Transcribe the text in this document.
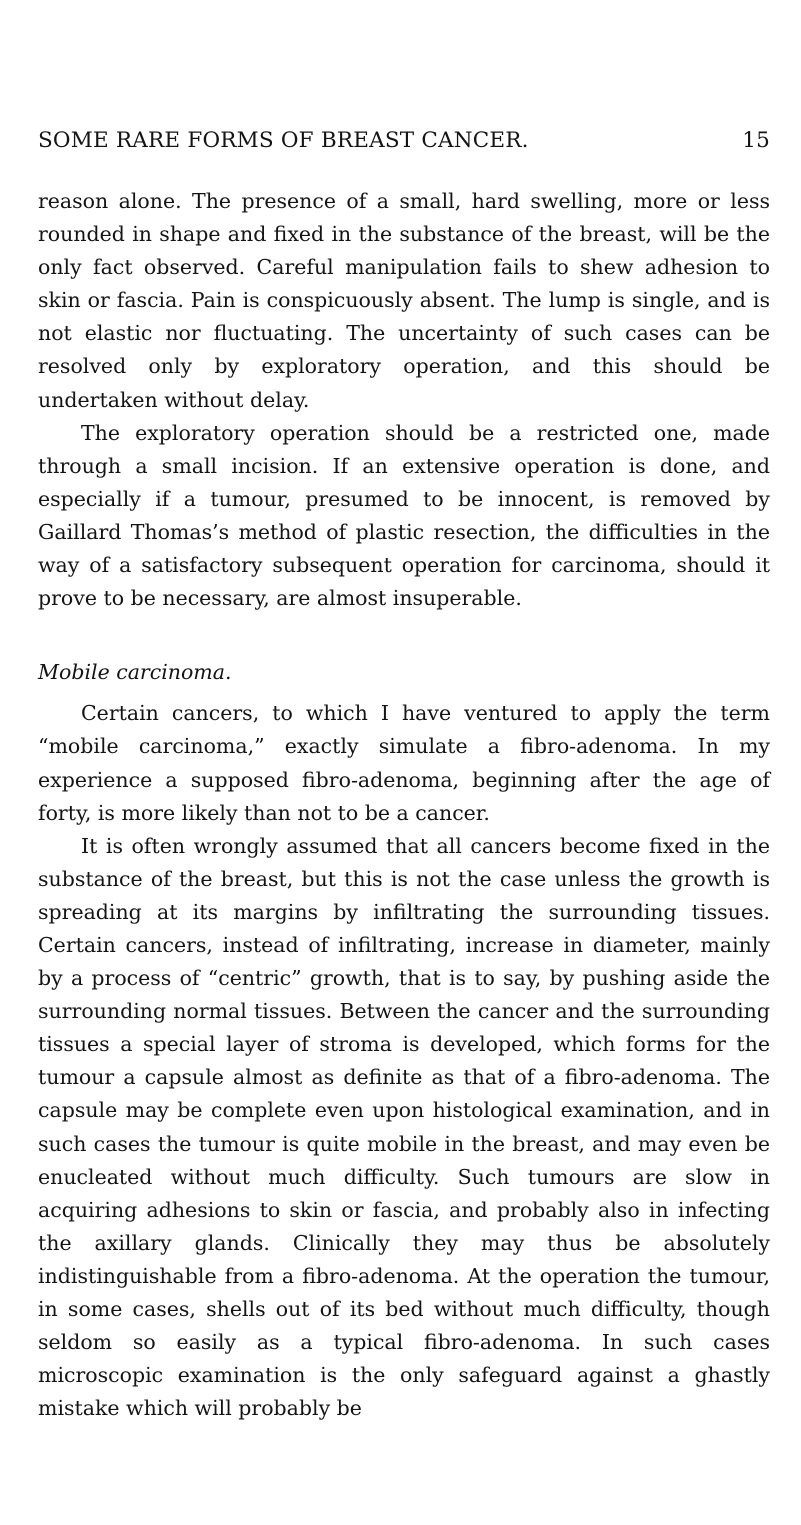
SOME RARE FORMS OF BREAST CANCER.	15

reason alone. The presence of a small, hard swelling, more or less rounded in shape and fixed in the substance of the breast, will be the only fact observed. Careful manipulation fails to shew adhesion to skin or fascia. Pain is conspicuously absent. The lump is single, and is not elastic nor fluctuating. The uncertainty of such cases can be resolved only by exploratory operation, and this should be undertaken without delay.

The exploratory operation should be a restricted one, made through a small incision. If an extensive operation is done, and especially if a tumour, presumed to be innocent, is removed by Gaillard Thomas’s method of plastic resection, the difficulties in the way of a satisfactory subsequent operation for carcinoma, should it prove to be necessary, are almost insuperable.

Mobile carcinoma.

Certain cancers, to which I have ventured to apply the term “mobile carcinoma,” exactly simulate a fibro-adenoma. In my experience a supposed fibro-adenoma, beginning after the age of forty, is more likely than not to be a cancer.

It is often wrongly assumed that all cancers become fixed in the substance of the breast, but this is not the case unless the growth is spreading at its margins by infiltrating the surrounding tissues. Certain cancers, instead of infiltrating, increase in diameter, mainly by a process of “centric” growth, that is to say, by pushing aside the surrounding normal tissues. Between the cancer and the surrounding tissues a special layer of stroma is developed, which forms for the tumour a capsule almost as definite as that of a fibro-adenoma. The capsule may be complete even upon histological examination, and in such cases the tumour is quite mobile in the breast, and may even be enucleated without much difficulty. Such tumours are slow in acquiring adhesions to skin or fascia, and probably also in infecting the axillary glands. Clinically they may thus be absolutely indistinguishable from a fibro-adenoma. At the operation the tumour, in some cases, shells out of its bed without much difficulty, though seldom so easily as a typical fibro-adenoma. In such cases microscopic examination is the only safeguard against a ghastly mistake which will probably be
